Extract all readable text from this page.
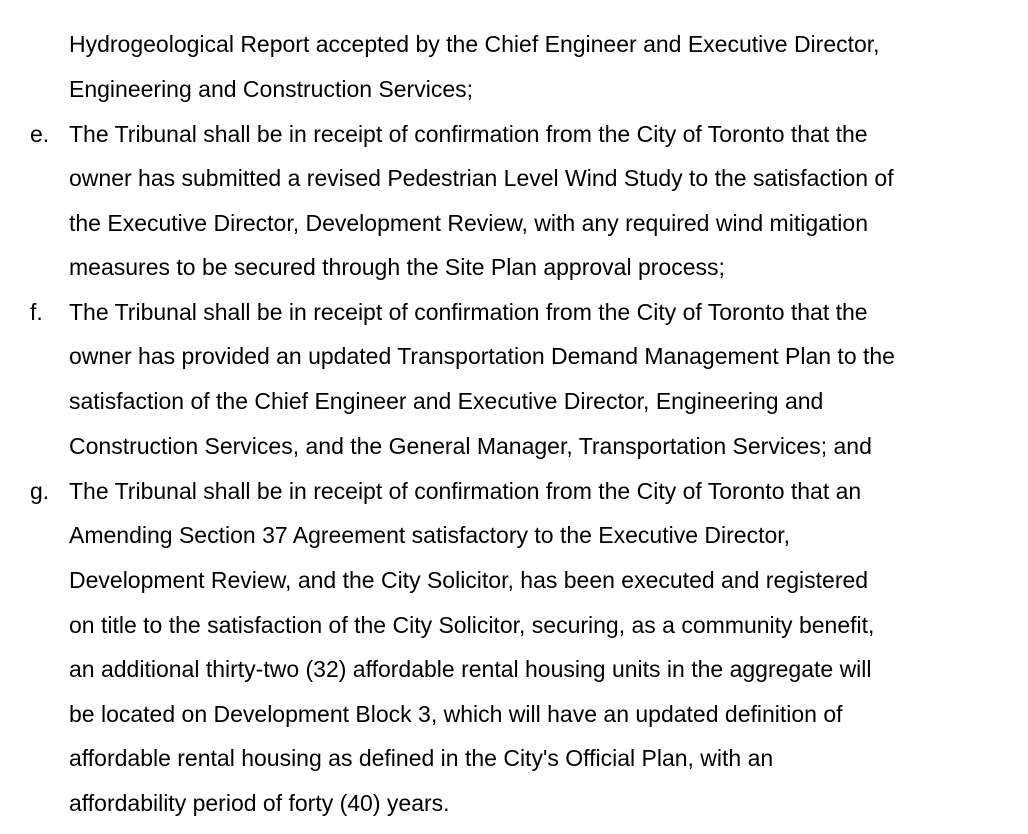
Hydrogeological Report accepted by the Chief Engineer and Executive Director,
Engineering and Construction Services;
e. The Tribunal shall be in receipt of confirmation from the City of Toronto that the
owner has submitted a revised Pedestrian Level Wind Study to the satisfaction of
the Executive Director, Development Review, with any required wind mitigation
measures to be secured through the Site Plan approval process;
f. The Tribunal shall be in receipt of confirmation from the City of Toronto that the
owner has provided an updated Transportation Demand Management Plan to the
satisfaction of the Chief Engineer and Executive Director, Engineering and
Construction Services, and the General Manager, Transportation Services; and
g. The Tribunal shall be in receipt of confirmation from the City of Toronto that an
Amending Section 37 Agreement satisfactory to the Executive Director,
Development Review, and the City Solicitor, has been executed and registered
on title to the satisfaction of the City Solicitor, securing, as a community benefit,
an additional thirty-two (32) affordable rental housing units in the aggregate will
be located on Development Block 3, which will have an updated definition of
affordable rental housing as defined in the City's Official Plan, with an
affordability period of forty (40) years.
